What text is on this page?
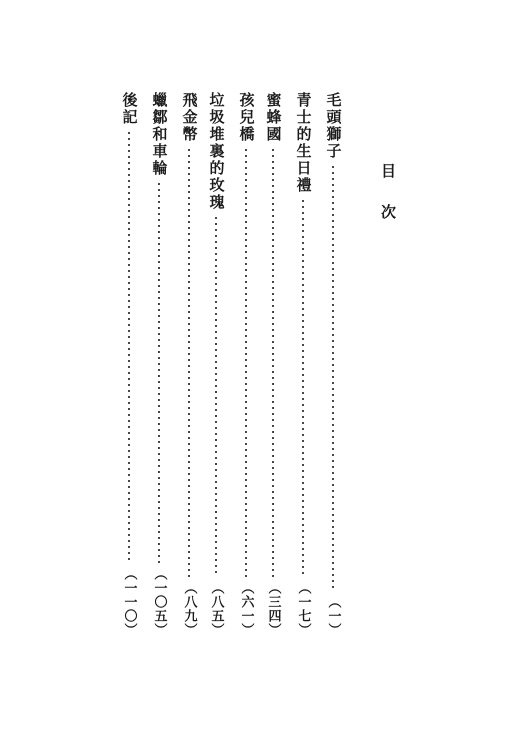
目次

毛頭獅子
（一）
青士的生日禮
（一七）
蜜蜂國
（三四）
孩兒橋
（六一）
垃圾堆裏的玫瑰
（八五）
飛金幣
（八九）
蠟鄒和車輪
（一〇五）
後記
（一一〇）
